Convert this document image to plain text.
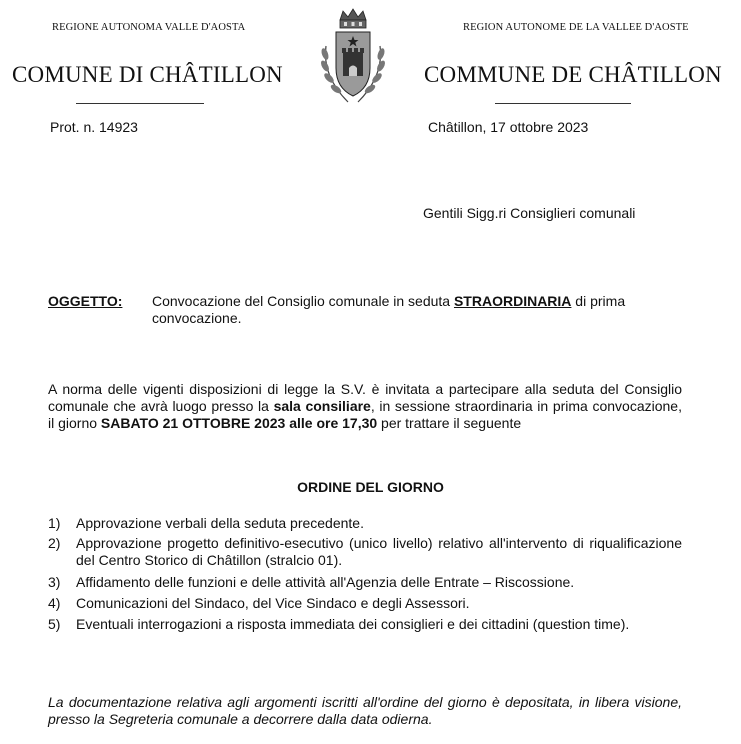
REGIONE AUTONOMA VALLE D'AOSTA	REGION AUTONOME DE LA VALLEE D'AOSTE
COMUNE DI CHÂTILLON	COMMUNE DE CHÂTILLON
Prot. n. 14923	Châtillon, 17 ottobre 2023
Gentili Sigg.ri Consiglieri comunali
OGGETTO: Convocazione del Consiglio comunale in seduta STRAORDINARIA di prima
convocazione.
A norma delle vigenti disposizioni di legge la S.V. è invitata a partecipare alla seduta del Consiglio comunale che avrà luogo presso la sala consiliare, in sessione straordinaria in prima convocazione, il giorno SABATO 21 OTTOBRE 2023 alle ore 17,30 per trattare il seguente
ORDINE DEL GIORNO
1) Approvazione verbali della seduta precedente.
2) Approvazione progetto definitivo-esecutivo (unico livello) relativo all'intervento di riqualificazione del Centro Storico di Châtillon (stralcio 01).
3) Affidamento delle funzioni e delle attività all'Agenzia delle Entrate – Riscossione.
4) Comunicazioni del Sindaco, del Vice Sindaco e degli Assessori.
5) Eventuali interrogazioni a risposta immediata dei consiglieri e dei cittadini (question time).
La documentazione relativa agli argomenti iscritti all'ordine del giorno è depositata, in libera visione, presso la Segreteria comunale a decorrere dalla data odierna.
